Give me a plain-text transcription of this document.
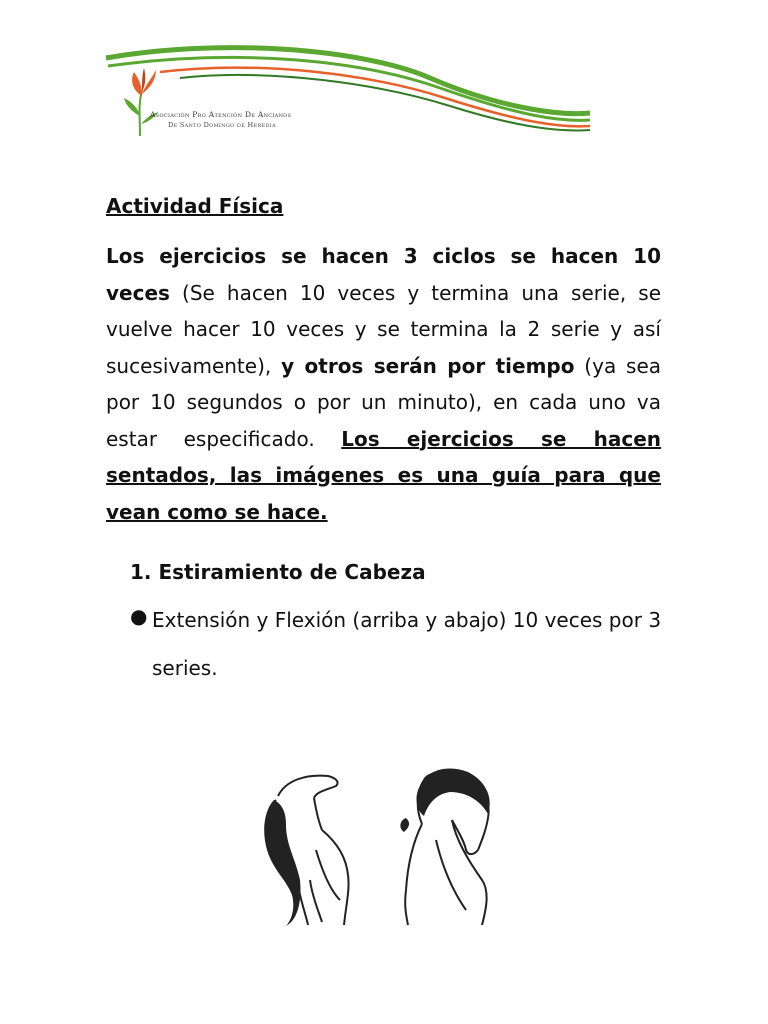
Asociación Pro Atención De Ancianos
De Santo Domingo de Heredia
Actividad Física

Los ejercicios se hacen 3 ciclos se hacen 10 veces (Se hacen 10 veces y termina una serie, se vuelve hacer 10 veces y se termina la 2 serie y así sucesivamente), y otros serán por tiempo (ya sea por 10 segundos o por un minuto), en cada uno va estar especificado. Los ejercicios se hacen sentados, las imágenes es una guía para que vean como se hace.

1. Estiramiento de Cabeza
● Extensión y Flexión (arriba y abajo) 10 veces por 3
series.
